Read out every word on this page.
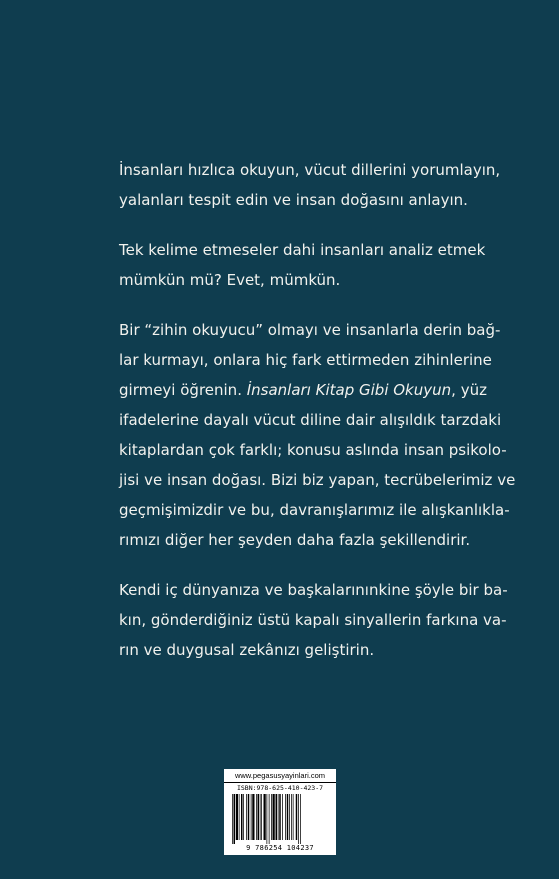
İnsanları hızlıca okuyun, vücut dillerini yorumlayın,
yalanları tespit edin ve insan doğasını anlayın.
Tek kelime etmeseler dahi insanları analiz etmek
mümkün mü? Evet, mümkün.
Bir “zihin okuyucu” olmayı ve insanlarla derin bağ-
lar kurmayı, onlara hiç fark ettirmeden zihinlerine
girmeyi öğrenin. İnsanları Kitap Gibi Okuyun, yüz
ifadelerine dayalı vücut diline dair alışıldık tarzdaki
kitaplardan çok farklı; konusu aslında insan psikolo-
jisi ve insan doğası. Bizi biz yapan, tecrübelerimiz ve
geçmişimizdir ve bu, davranışlarımız ile alışkanlıkla-
rımızı diğer her şeyden daha fazla şekillendirir.
Kendi iç dünyanıza ve başkalarınınkine şöyle bir ba-
kın, gönderdiğiniz üstü kapalı sinyallerin farkına va-
rın ve duygusal zekânızı geliştirin.
www.pegasusyayinlari.com
ISBN:978-625-410-423-7
9 786254 104237
